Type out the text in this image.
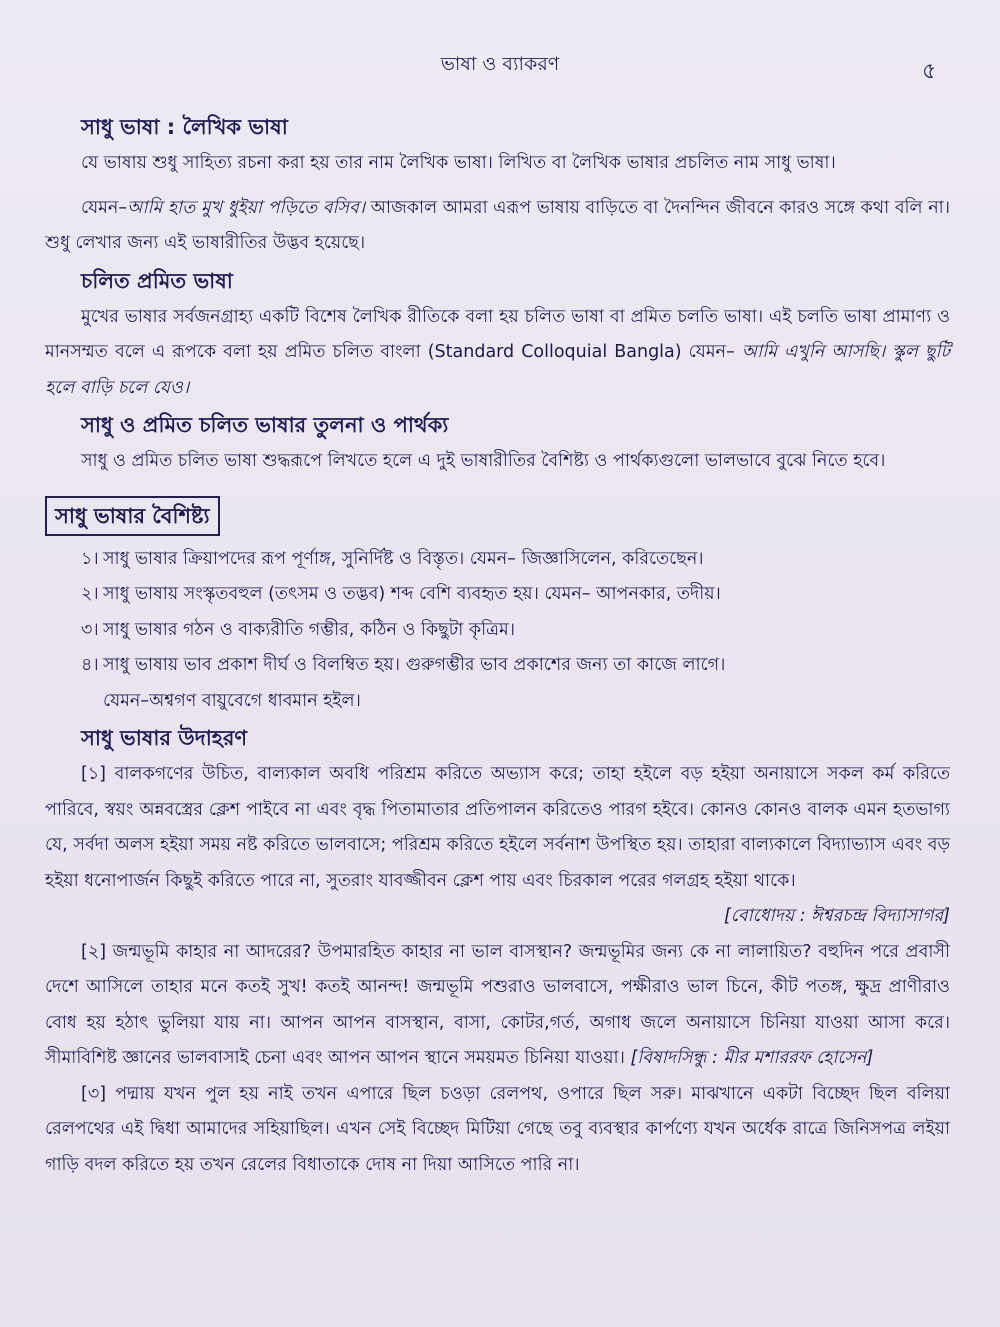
ভাষা ও ব্যাকরণ	৫
সাধু ভাষা : লৈখিক ভাষা

যে ভাষায় শুধু সাহিত্য রচনা করা হয় তার নাম লৈখিক ভাষা। লিখিত বা লৈখিক ভাষার প্রচলিত নাম সাধু ভাষা।

যেমন–আমি হাত মুখ ধুইয়া পড়িতে বসিব। আজকাল আমরা এরূপ ভাষায় বাড়িতে বা দৈনন্দিন জীবনে কারও সঙ্গে কথা বলি না। শুধু লেখার জন্য এই ভাষারীতির উদ্ভব হয়েছে।

চলিত প্রমিত ভাষা

মুখের ভাষার সর্বজনগ্রাহ্য একটি বিশেষ লৈখিক রীতিকে বলা হয় চলিত ভাষা বা প্রমিত চলতি ভাষা। এই চলতি ভাষা প্রামাণ্য ও মানসম্মত বলে এ রূপকে বলা হয় প্রমিত চলিত বাংলা (Standard Colloquial Bangla) যেমন– আমি এখুনি আসছি। স্কুল ছুটি হলে বাড়ি চলে যেও।

সাধু ও প্রমিত চলিত ভাষার তুলনা ও পার্থক্য

সাধু ও প্রমিত চলিত ভাষা শুদ্ধরূপে লিখতে হলে এ দুই ভাষারীতির বৈশিষ্ট্য ও পার্থক্যগুলো ভালভাবে বুঝে নিতে হবে।

সাধু ভাষার বৈশিষ্ট্য
১। সাধু ভাষার ক্রিয়াপদের রূপ পূর্ণাঙ্গ, সুনির্দিষ্ট ও বিস্তৃত। যেমন– জিজ্ঞাসিলেন, করিতেছেন।
২। সাধু ভাষায় সংস্কৃতবহুল (তৎসম ও তদ্ভব) শব্দ বেশি ব্যবহৃত হয়। যেমন– আপনকার, তদীয়।
৩। সাধু ভাষার গঠন ও বাক্যরীতি গম্ভীর, কঠিন ও কিছুটা কৃত্রিম।
৪। সাধু ভাষায় ভাব প্রকাশ দীর্ঘ ও বিলম্বিত হয়। গুরুগম্ভীর ভাব প্রকাশের জন্য তা কাজে লাগে।

যেমন–অশ্বগণ বায়ুবেগে ধাবমান হইল।

সাধু ভাষার উদাহরণ

[১] বালকগণের উচিত, বাল্যকাল অবধি পরিশ্রম করিতে অভ্যাস করে; তাহা হইলে বড় হইয়া অনায়াসে সকল কর্ম করিতে পারিবে, স্বয়ং অন্নবস্ত্রের ক্লেশ পাইবে না এবং বৃদ্ধ পিতামাতার প্রতিপালন করিতেও পারগ হইবে। কোনও কোনও বালক এমন হতভাগ্য যে, সর্বদা অলস হইয়া সময় নষ্ট করিতে ভালবাসে; পরিশ্রম করিতে হইলে সর্বনাশ উপস্থিত হয়। তাহারা বাল্যকালে বিদ্যাভ্যাস এবং বড় হইয়া ধনোপার্জন কিছুই করিতে পারে না, সুতরাং যাবজ্জীবন ক্লেশ পায় এবং চিরকাল পরের গলগ্রহ হইয়া থাকে।

[বোধোদয় : ঈশ্বরচন্দ্র বিদ্যাসাগর]

[২] জন্মভূমি কাহার না আদরের? উপমারহিত কাহার না ভাল বাসস্থান? জন্মভূমির জন্য কে না লালায়িত? বহুদিন পরে প্রবাসী দেশে আসিলে তাহার মনে কতই সুখ! কতই আনন্দ! জন্মভূমি পশুরাও ভালবাসে, পক্ষীরাও ভাল চিনে, কীট পতঙ্গ, ক্ষুদ্র প্রাণীরাও বোধ হয় হঠাৎ ভুলিয়া যায় না। আপন আপন বাসস্থান, বাসা, কোটর,গর্ত, অগাধ জলে অনায়াসে চিনিয়া যাওয়া আসা করে। সীমাবিশিষ্ট জ্ঞানের ভালবাসাই চেনা এবং আপন আপন স্থানে সময়মত চিনিয়া যাওয়া। [বিষাদসিন্ধু : মীর মশাররফ হোসেন]

[৩] পদ্মায় যখন পুল হয় নাই তখন এপারে ছিল চওড়া রেলপথ, ওপারে ছিল সরু। মাঝখানে একটা বিচ্ছেদ ছিল বলিয়া রেলপথের এই দ্বিধা আমাদের সহিয়াছিল। এখন সেই বিচ্ছেদ মিটিয়া গেছে তবু ব্যবস্থার কার্পণ্যে যখন অর্ধেক রাত্রে জিনিসপত্র লইয়া গাড়ি বদল করিতে হয় তখন রেলের বিধাতাকে দোষ না দিয়া আসিতে পারি না।
